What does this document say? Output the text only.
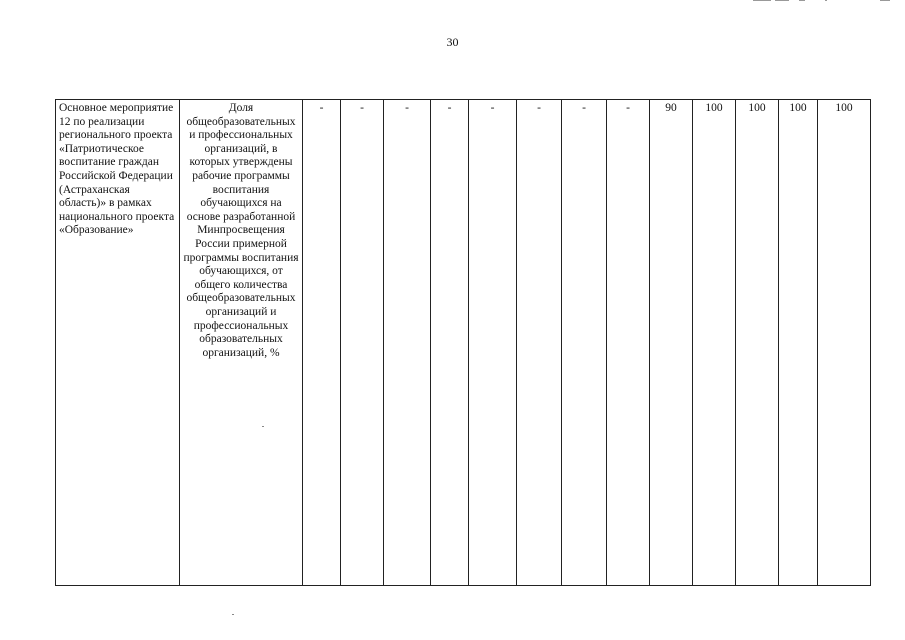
30
Основное мероприятие 12 по реализации регионального проекта «Патриотическое воспитание граждан Российской Федерации (Астраханская область)» в рамках национального проекта «Образование»	Доля общеобразовательных и профессиональных организаций, в которых утверждены рабочие программы воспитания обучающихся на основе разработанной Минпросвещения России примерной программы воспитания обучающихся, от общего количества общеобразовательных организаций и профессиональных образовательных организаций, %	-	-	-	-	-	-	-	-	90	100	100	100	100
